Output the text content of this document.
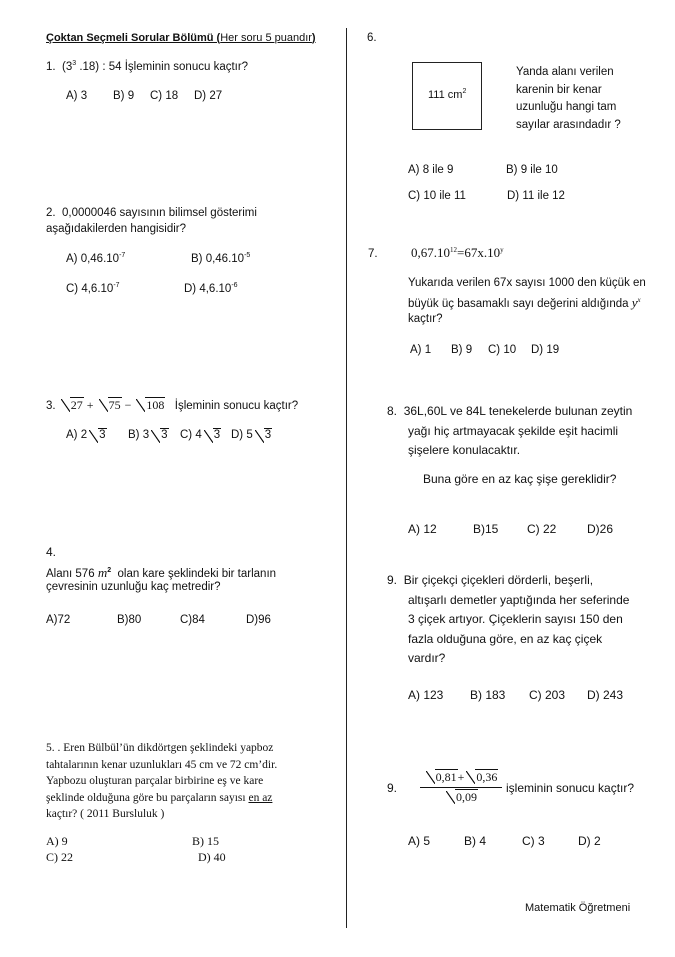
Çoktan Seçmeli Sorular Bölümü (Her soru 5 puandır)
1. ($3^3$ .18) : 54 İşleminin sonucu kaçtır?
A) 3 B) 9 C) 18 D) 27
2. 0,0000046 sayısının bilimsel gösterimi
aşağıdakilerden hangisidir?
A) $0,46.10^{-7}$	B) $0,46.10^{-5}$
C) $4,6.10^{-7}$	D) $4,6.10^{-6}$
3. 27 + 75 − 108 İşleminin sonucu kaçtır?
A) 2 3 B) 3 3 C) 4 3 D) 5 3
4.
Alanı 576 $m^2$ olan kare şeklindeki bir tarlanın
çevresinin uzunluğu kaç metredir?
A)72	B)80	C)84	D)96
5. . Eren Bülbül’ün dikdörtgen şeklindeki yapboz
tahtalarının kenar uzunlukları 45 cm ve 72 cm’dir.
Yapbozu oluşturan parçalar birbirine eş ve kare
şeklinde olduğuna göre bu parçaların sayısı en az
kaçtır? ( 2011 Bursluluk )
A) 9	B) 15
C) 22	D) 40
6.
111 $cm^2$
Yanda alanı verilen
karenin bir kenar
uzunluğu hangi tam
sayılar arasındadır ?
A) 8 ile 9	B) 9 ile 10
C) 10 ile 11	D) 11 ile 12
7.	$0,67.10^{12}=67x.10^y$
Yukarıda verilen 67x sayısı 1000 den küçük en
büyük üç basamaklı sayı değerini aldığında $y^x$
kaçtır?
A) 1 B) 9 C) 10 D) 19
8. 36L,60L ve 84L tenekelerde bulunan zeytin
yağı hiç artmayacak şekilde eşit hacimli
şişelere konulacaktır.
Buna göre en az kaç şişe gereklidir?
A) 12	B)15 C) 22	D)26
9. Bir çiçekçi çiçekleri dörderli, beşerli,
altışarlı demetler yaptığında her seferinde
3 çiçek artıyor. Çiçeklerin sayısı 150 den
fazla olduğuna göre, en az kaç çiçek
vardır?
A) 123 B) 183 C) 203 D) 243
9. $\frac{0,81+ 0,36}{0,09}$ işleminin sonucu kaçtır?
A) 5	B) 4	C) 3	D) 2
Matematik Öğretmeni
